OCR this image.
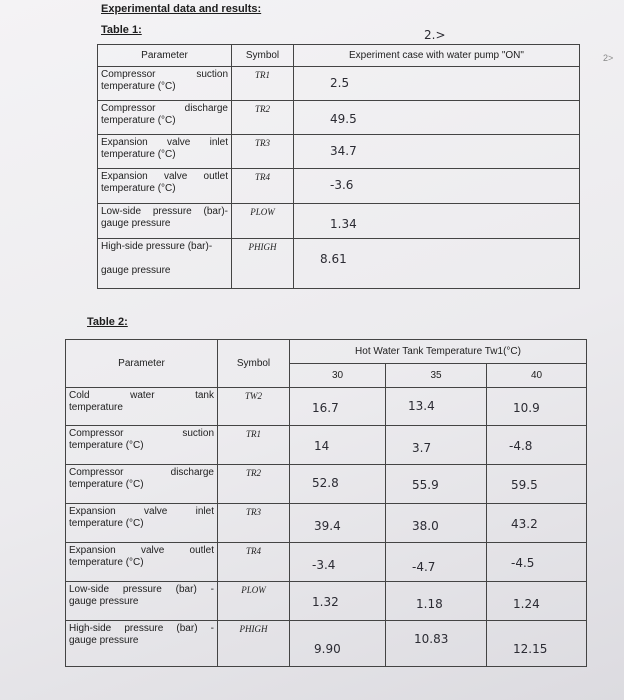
Experimental data and results:
Table 1:	2.>
2>
Parameter	Symbol	Experiment case with water pump "ON"

Compressor suction
temperature (°C)	TR1	2.5

Compressor discharge
temperature (°C)	TR2	49.5

Expansion valve inlet
temperature (°C)	TR3	34.7

Expansion valve outlet
temperature (°C)	TR4	-3.6

Low-side pressure (bar)-
gauge pressure	PLOW	1.34

High-side pressure (bar)-

gauge pressure	PHIGH	8.61
Table 2:
Parameter	Symbol	Hot Water Tank Temperature Tw1(°C)		
		30	35	40

Cold water tank
temperature	TW2	16.7	13.4	10.9

Compressor suction
temperature (°C)	TR1	14	3.7	-4.8

Compressor discharge
temperature (°C)	TR2	52.8	55.9	59.5

Expansion valve inlet
temperature (°C)	TR3	39.4	38.0	43.2

Expansion valve outlet
temperature (°C)	TR4	-3.4	-4.7	-4.5

Low-side pressure (bar) -
gauge pressure	PLOW	1.32	1.18	1.24

High-side pressure (bar) -
gauge pressure	PHIGH	9.90	10.83	12.15
